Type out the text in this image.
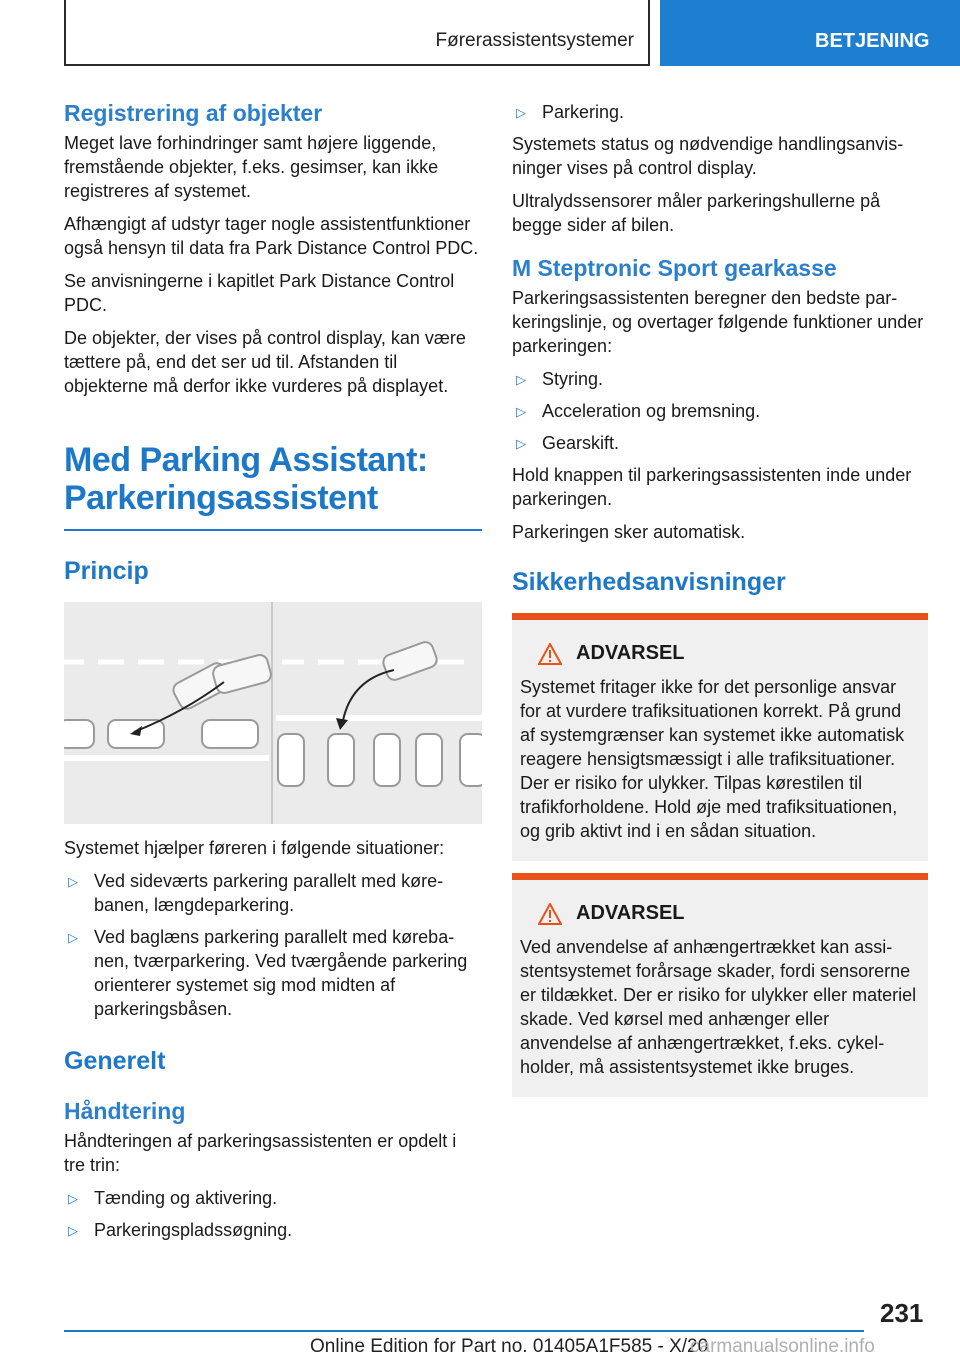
Førerassistentsystemer	BETJENING
Registrering af objekter

Meget lave forhindringer samt højere liggende, fremstående objekter, f.eks. gesimser, kan ikke registreres af systemet.

Afhængigt af udstyr tager nogle assistentfunktioner også hensyn til data fra Park Distance Control PDC.

Se anvisningerne i kapitlet Park Distance Control PDC.

De objekter, der vises på control display, kan være tættere på, end det ser ud til. Afstanden til objekterne må derfor ikke vurderes på displayet.

Med Parking Assistant: Parkeringsassistent
Princip

Systemet hjælper føreren i følgende situationer:

▷ Ved sideværts parkering parallelt med kørebanen, længdeparkering.
▷ Ved baglæns parkering parallelt med kørebanen, tværparkering. Ved tværgående parkering orienterer systemet sig mod midten af parkeringsbåsen.
Generelt
Håndtering

Håndteringen af parkeringsassistenten er opdelt i tre trin:

▷ Tænding og aktivering.
▷ Parkeringspladssøgning.
▷ Parkering.

Systemets status og nødvendige handlingsanvisninger vises på control display.

Ultralydssensorer måler parkeringshullerne på begge sider af bilen.

M Steptronic Sport gearkasse

Parkeringsassistenten beregner den bedste parkeringslinje, og overtager følgende funktioner under parkeringen:

▷ Styring.
▷ Acceleration og bremsning.
▷ Gearskift.

Hold knappen til parkeringsassistenten inde under parkeringen.

Parkeringen sker automatisk.

Sikkerhedsanvisninger
ADVARSEL

Systemet fritager ikke for det personlige ansvar for at vurdere trafiksituationen korrekt. På grund af systemgrænser kan systemet ikke automatisk reagere hensigtsmæssigt i alle trafiksituationer. Der er risiko for ulykker. Tilpas kørestilen til trafikforholdene. Hold øje med trafiksituationen, og grib aktivt ind i en sådan situation.

ADVARSEL

Ved anvendelse af anhængertrækket kan assistentsystemet forårsage skader, fordi sensorerne er tildækket. Der er risiko for ulykker eller materiel skade. Ved kørsel med anhænger eller anvendelse af anhængertrækket, f.eks. cykelholder, må assistentsystemet ikke bruges.

231
Online Edition for Part no. 01405A1F585 - X/20
carmanualsonline.info
